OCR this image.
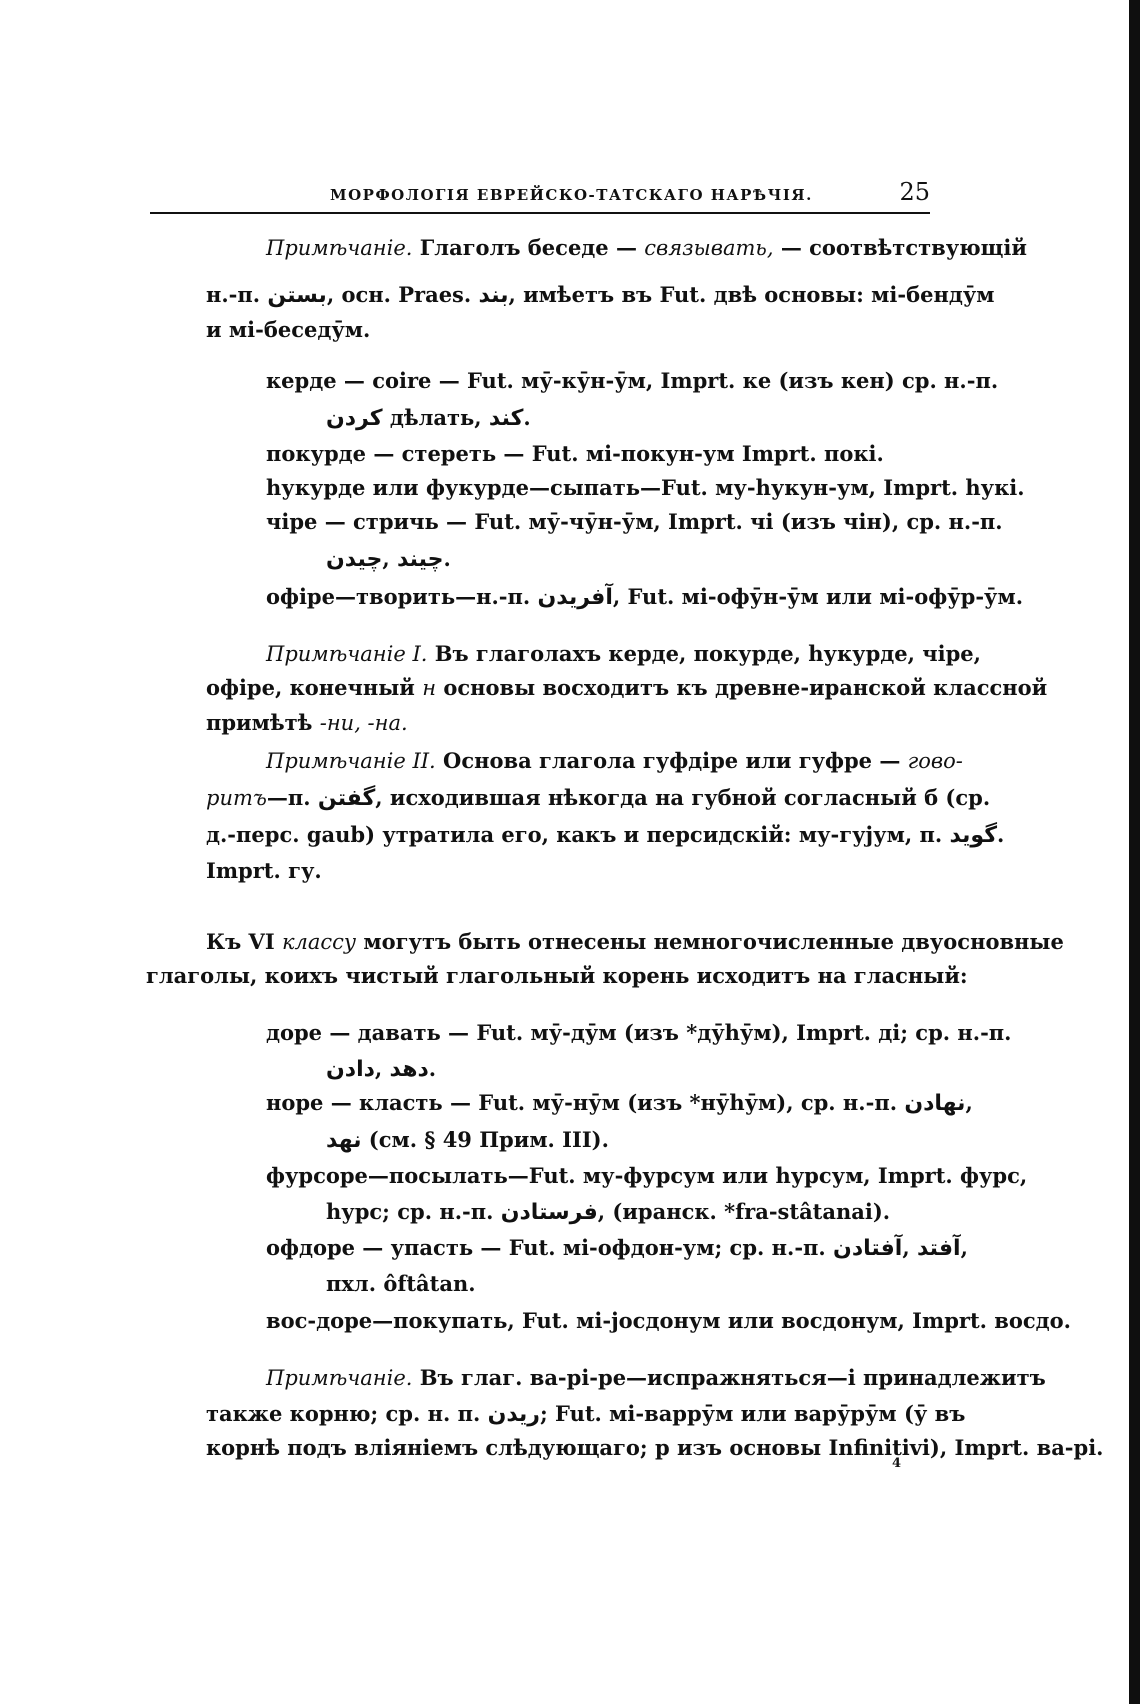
МОРФОЛОГІЯ ЕВРЕЙСКО-ТАТСКАГО НАРѢЧІЯ.	25
Примѣчаніе. Глаголъ беседе — связывать, — соотвѣтствующій
н.-п. بستن, осн. Praes. بند, имѣетъ въ Fut. двѣ основы: мі-бендӯм
и мі-беседӯм.
керде — coire — Fut. мӯ-кӯн-ӯм, Imprt. ке (изъ кен) ср. н.-п.
كردن дѣлать, كند.
покурде — стереть — Fut. мі-покун-ум Imprt. покі.
һукурде или фукурде—сыпать—Fut. му-һукун-ум, Imprt. һукі.
чіре — стричь — Fut. мӯ-чӯн-ӯм, Imprt. чі (изъ чін), ср. н.-п.
چيدن, چيند.
офіре—творить—н.-п. آفريدن, Fut. мі-офӯн-ӯм или мі-офӯр-ӯм.
Примѣчаніе I. Въ глаголахъ керде, покурде, һукурде, чіре,
офіре, конечный н основы восходитъ къ древне-иранской классной
примѣтѣ -ни, -на.
Примѣчаніе II. Основа глагола гуфдіре или гуфре — гово-
ритъ—п. گفتن, исходившая нѣкогда на губной согласный б (ср.
д.-перс. gaub) утратила его, какъ и персидскій: му-гујум, п. گويد.
Imprt. гу.
Къ VI классу могутъ быть отнесены немногочисленные двуосновные
глаголы, коихъ чистый глагольный корень исходитъ на гласный:
доре — давать — Fut. мӯ-дӯм (изъ *дӯһӯм), Imprt. ді; ср. н.-п.
دادن, دهد.
норе — класть — Fut. мӯ-нӯм (изъ *нӯһӯм), ср. н.-п. نهادن,
نهد (см. § 49 Прим. III).
фурсоре—посылать—Fut. му-фурсум или һурсум, Imprt. фурс,
һурс; ср. н.-п. فرستادن, (иранск. *fra-stâtanai).
офдоре — упасть — Fut. мі-офдон-ум; ср. н.-п. آفتادن, آفتد,
пхл. ôftâtan.
вос-доре—покупать, Fut. мі-јосдонум или восдонум, Imprt. восдо.
Примѣчаніе. Въ глаг. ва-рі-ре—испражняться—і принадлежитъ
также корню; ср. н. п. ريدن; Fut. мі-варрӯм или варӯрӯм (ӯ въ
корнѣ подъ вліяніемъ слѣдующаго; р изъ основы Infinitivi), Imprt. ва-рі.
4
